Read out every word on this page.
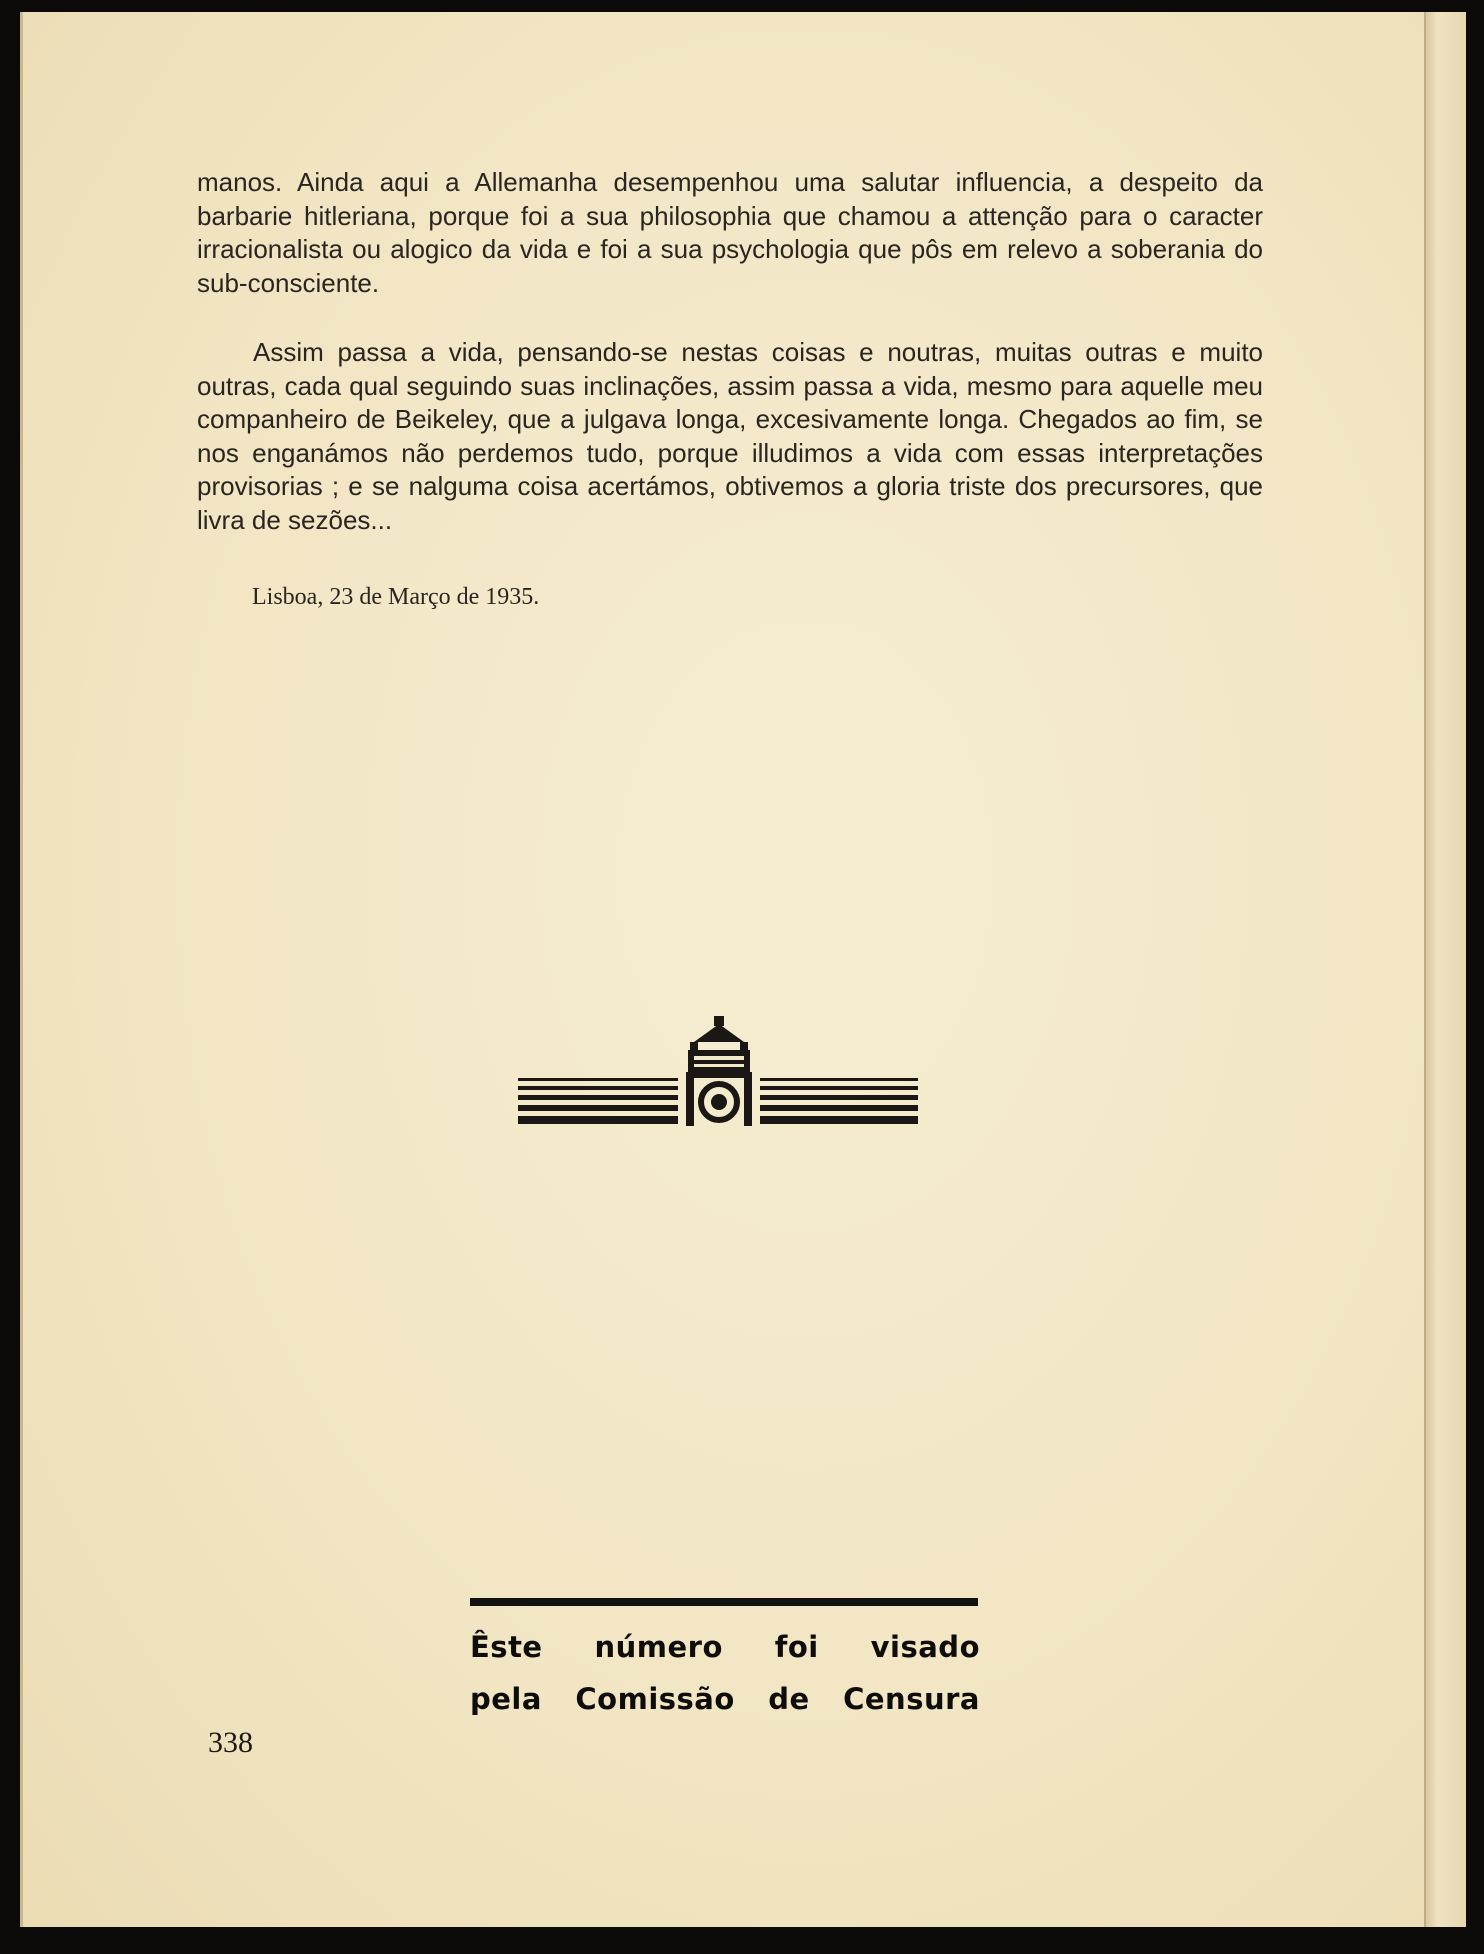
manos. Ainda aqui a Allemanha desempenhou uma salutar influencia, a despeito da barbarie hitleriana, porque foi a sua philosophia que chamou a attenção para o caracter irracionalista ou alogico da vida e foi a sua psychologia que pôs em relevo a soberania do sub-consciente.

Assim passa a vida, pensando-se nestas coisas e noutras, muitas outras e muito outras, cada qual seguindo suas inclinações, assim passa a vida, mesmo para aquelle meu companheiro de Beikeley, que a julgava longa, excesivamente longa. Chegados ao fim, se nos enganámos não perdemos tudo, porque illudimos a vida com essas interpretações provisorias ; e se nalguma coisa acertámos, obtivemos a gloria triste dos precursores, que livra de sezões...

Lisboa, 23 de Março de 1935.
Êste número foi visado
pela Comissão de Censura
338
